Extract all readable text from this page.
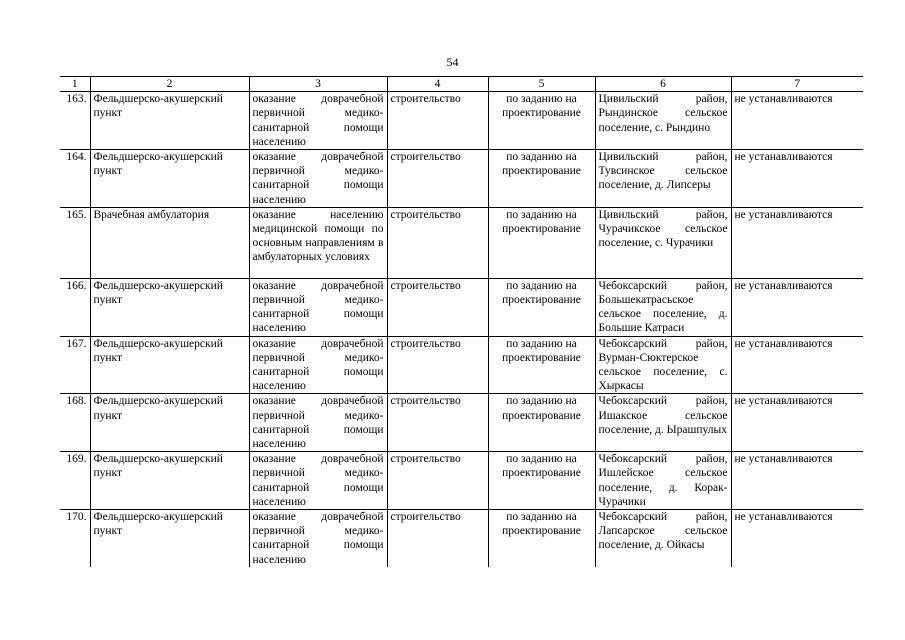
54
1	2	3	4	5	6	7
163.	Фельдшерско-акушерский пункт	оказание доврачебной первичной медико-санитарной помощи населению	строительство	по заданию на проектирование	Цивильский район, Рындинское сельское поселение, с. Рындино	не устанавливаются
164.	Фельдшерско-акушерский пункт	оказание доврачебной первичной медико-санитарной помощи населению	строительство	по заданию на проектирование	Цивильский район, Тувсинское сельское поселение, д. Липсеры	не устанавливаются
165.	Врачебная амбулатория	оказание населению медицинской помощи по основным направлениям в амбулаторных условиях	строительство	по заданию на проектирование	Цивильский район, Чурачикское сельское поселение, с. Чурачики	не устанавливаются
166.	Фельдшерско-акушерский пункт	оказание доврачебной первичной медико-санитарной помощи населению	строительство	по заданию на проектирование	Чебоксарский район, Большекатрасьское сельское поселение, д. Большие Катраси	не устанавливаются
167.	Фельдшерско-акушерский пункт	оказание доврачебной первичной медико-санитарной помощи населению	строительство	по заданию на проектирование	Чебоксарский район, Вурман-Сюктерское сельское поселение, с. Хыркасы	не устанавливаются
168.	Фельдшерско-акушерский пункт	оказание доврачебной первичной медико-санитарной помощи населению	строительство	по заданию на проектирование	Чебоксарский район, Ишакское сельское поселение, д. Ырашпулых	не устанавливаются
169.	Фельдшерско-акушерский пункт	оказание доврачебной первичной медико-санитарной помощи населению	строительство	по заданию на проектирование	Чебоксарский район, Ишлейское сельское поселение, д. Корак-Чурачики	не устанавливаются
170.	Фельдшерско-акушерский пункт	оказание доврачебной первичной медико-санитарной помощи населению	строительство	по заданию на проектирование	Чебоксарский район, Лапсарское сельское поселение, д. Ойкасы	не устанавливаются
